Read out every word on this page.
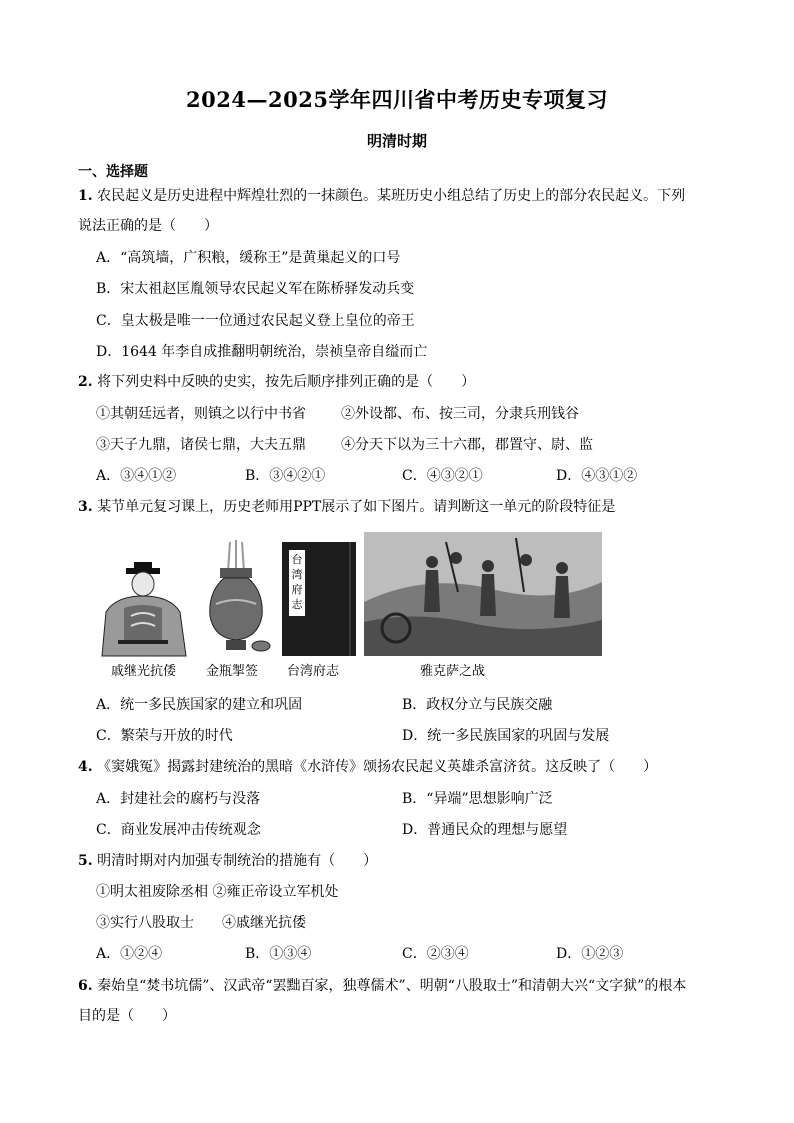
2024—2025学年四川省中考历史专项复习
明清时期
一、选择题
1. 农民起义是历史进程中辉煌壮烈的一抹颜色。某班历史小组总结了历史上的部分农民起义。下列
说法正确的是（　　）
A．“高筑墙，广积粮，缓称王”是黄巢起义的口号
B．宋太祖赵匡胤领导农民起义军在陈桥驿发动兵变
C．皇太极是唯一一位通过农民起义登上皇位的帝王
D．1644 年李自成推翻明朝统治，崇祯皇帝自缢而亡
2. 将下列史料中反映的史实，按先后顺序排列正确的是（　　）
①其朝廷远者，则镇之以行中书省	②外设都、布、按三司，分隶兵刑钱谷
③天子九鼎，诸侯七鼎，大夫五鼎	④分天下以为三十六郡，郡置守、尉、监
A．③④①②	B．③④②①	C．④③②①	D．④③①②
3. 某节单元复习课上，历史老师用PPT展示了如下图片。请判断这一单元的阶段特征是
台湾府志
戚继光抗倭 金瓶掣签 台湾府志	雅克萨之战
A．统一多民族国家的建立和巩固	B．政权分立与民族交融
C．繁荣与开放的时代	D．统一多民族国家的巩固与发展
4. 《窦娥冤》揭露封建统治的黑暗《水浒传》颂扬农民起义英雄杀富济贫。这反映了（　　）
A．封建社会的腐朽与没落	B．“异端”思想影响广泛
C．商业发展冲击传统观念	D．普通民众的理想与愿望
5. 明清时期对内加强专制统治的措施有（　　）
①明太祖废除丞相 ②雍正帝设立军机处
③实行八股取士　　④戚继光抗倭
A．①②④	B．①③④	C．②③④	D．①②③
6. 秦始皇“焚书坑儒”、汉武帝“罢黜百家，独尊儒术”、明朝“八股取士”和清朝大兴“文字狱”的根本
目的是（　　）
